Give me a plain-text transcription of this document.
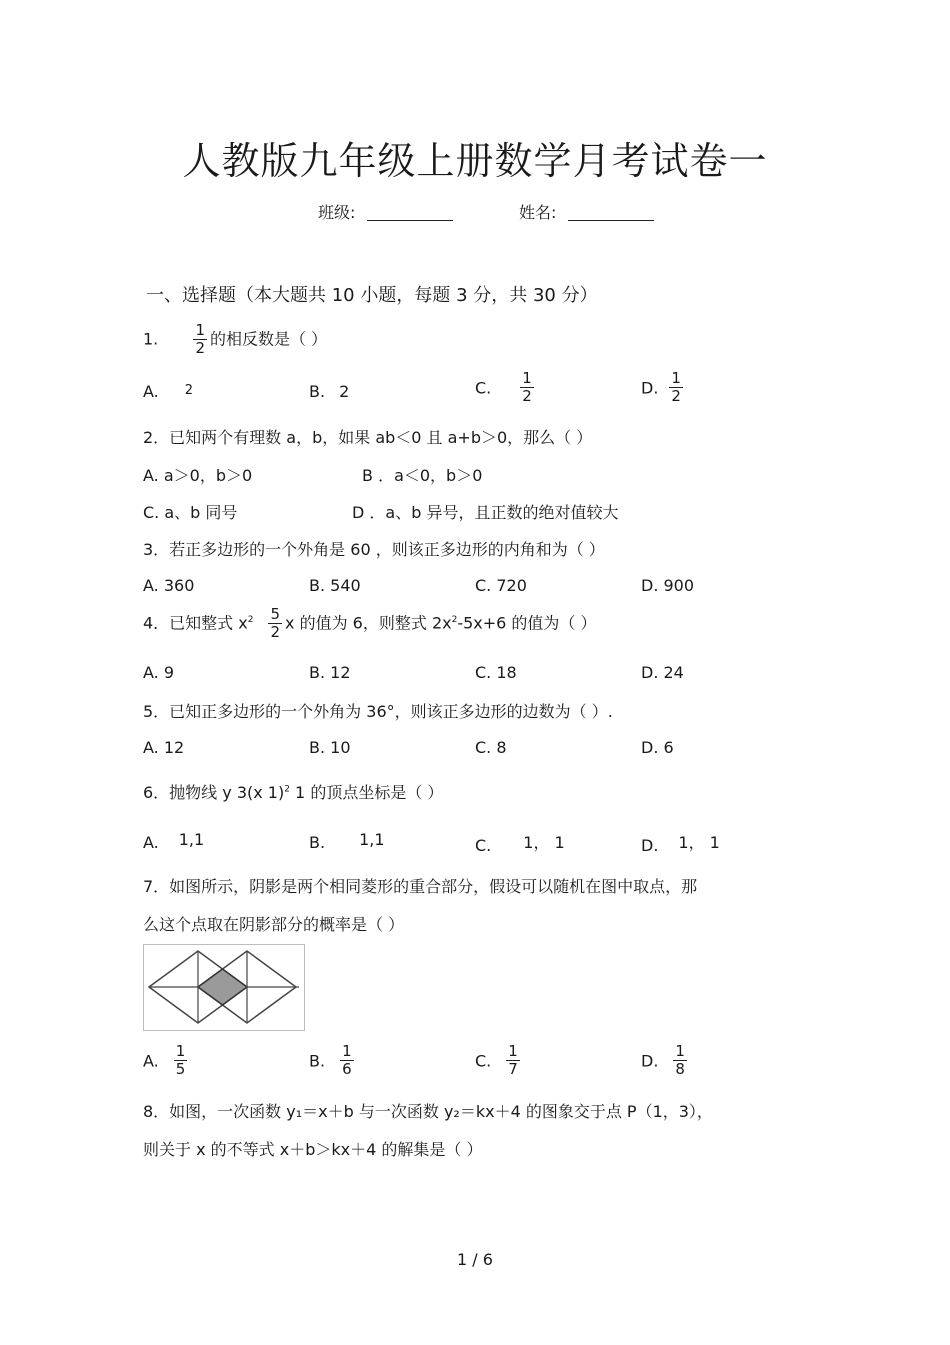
人教版九年级上册数学月考试卷一
班级:	姓名:
一、选择题（本大题共 10 小题，每题 3 分，共 30 分）
1. $\frac{1}{2}$ 的相反数是（ ）
A. 2	B. 2	C. $\frac{1}{2}$	D. $\frac{1}{2}$
2．已知两个有理数 a，b，如果 ab＜0 且 a+b＞0，那么（ ）
A. a＞0，b＞0	B ．a＜0，b＞0
C. a、b 同号	D ．a、b 异号，且正数的绝对值较大
3．若正多边形的一个外角是 60 ，则该正多边形的内角和为（ ）
A. 360	B. 540	C. 720	D. 900
4．已知整式 $x^2 \frac{5}{2}$ x 的值为 6，则整式 $2x^2-5x+6$ 的值为（ ）
A. 9	B. 12	C. 18	D. 24
5．已知正多边形的一个外角为 36°，则该正多边形的边数为（ ）.
A. 12	B. 10	C. 8	D. 6
6．抛物线 y 3(x 1)$^2$ 1 的顶点坐标是（ ）
A. 1,1	B. 1,1	C. 1， 1	D. 1， 1
7．如图所示，阴影是两个相同菱形的重合部分，假设可以随机在图中取点，那
么这个点取在阴影部分的概率是（ ）
A. $\frac{1}{5}$	B. $\frac{1}{6}$	C. $\frac{1}{7}$	D. $\frac{1}{8}$
8．如图，一次函数 y₁＝x＋b 与一次函数 y₂＝kx＋4 的图象交于点 P（1，3），
则关于 x 的不等式 x＋b＞kx＋4 的解集是（ ）
1 / 6
